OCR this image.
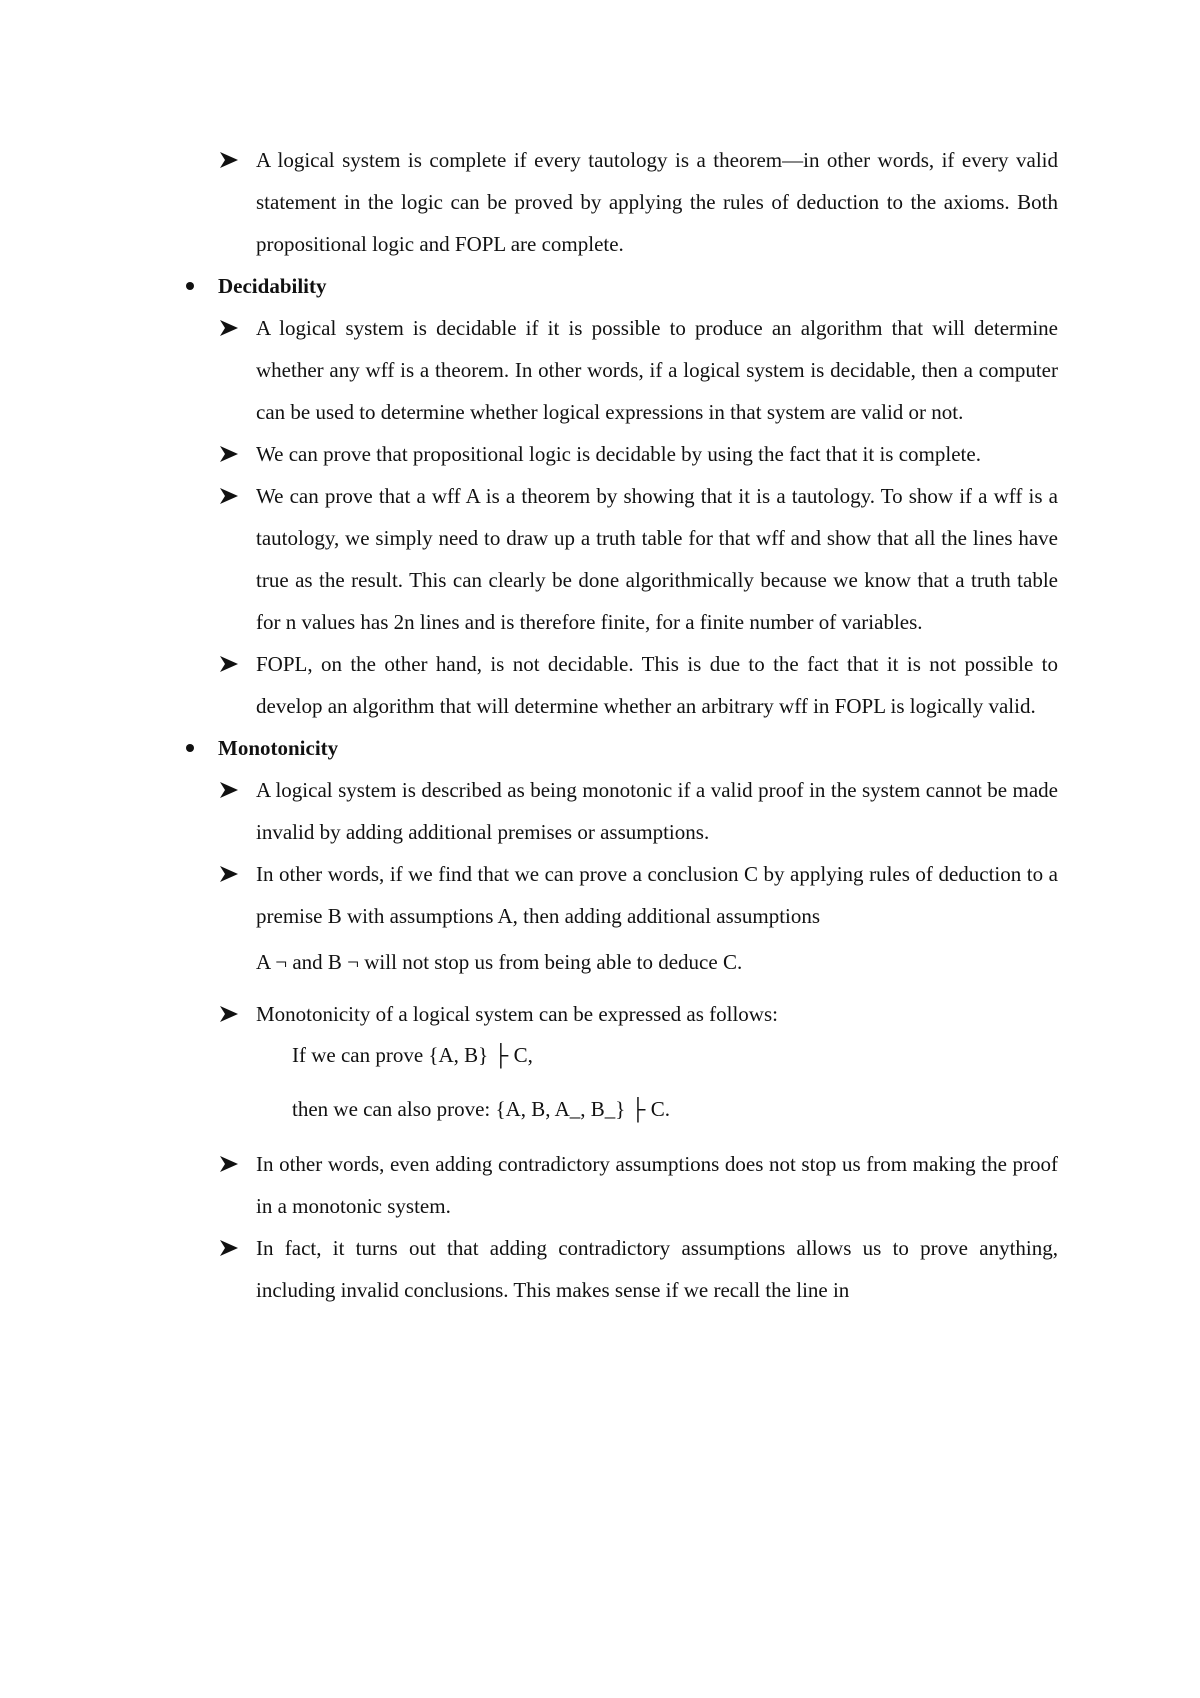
A logical system is complete if every tautology is a theorem—in other words, if every valid statement in the logic can be proved by applying the rules of deduction to the axioms. Both propositional logic and FOPL are complete.
Decidability
A logical system is decidable if it is possible to produce an algorithm that will determine whether any wff is a theorem. In other words, if a logical system is decidable, then a computer can be used to determine whether logical expressions in that system are valid or not.
We can prove that propositional logic is decidable by using the fact that it is complete.
We can prove that a wff A is a theorem by showing that it is a tautology. To show if a wff is a tautology, we simply need to draw up a truth table for that wff and show that all the lines have true as the result. This can clearly be done algorithmically because we know that a truth table for n values has 2n lines and is therefore finite, for a finite number of variables.
FOPL, on the other hand, is not decidable. This is due to the fact that it is not possible to develop an algorithm that will determine whether an arbitrary wff in FOPL is logically valid.
Monotonicity
A logical system is described as being monotonic if a valid proof in the system cannot be made invalid by adding additional premises or assumptions.
In other words, if we find that we can prove a conclusion C by applying rules of deduction to a premise B with assumptions A, then adding additional assumptions
A ¬ and B ¬ will not stop us from being able to deduce C.
Monotonicity of a logical system can be expressed as follows:
If we can prove {A, B} ├ C,
then we can also prove: {A, B, A_, B_} ├ C.
In other words, even adding contradictory assumptions does not stop us from making the proof in a monotonic system.
In fact, it turns out that adding contradictory assumptions allows us to prove anything, including invalid conclusions. This makes sense if we recall the line in
